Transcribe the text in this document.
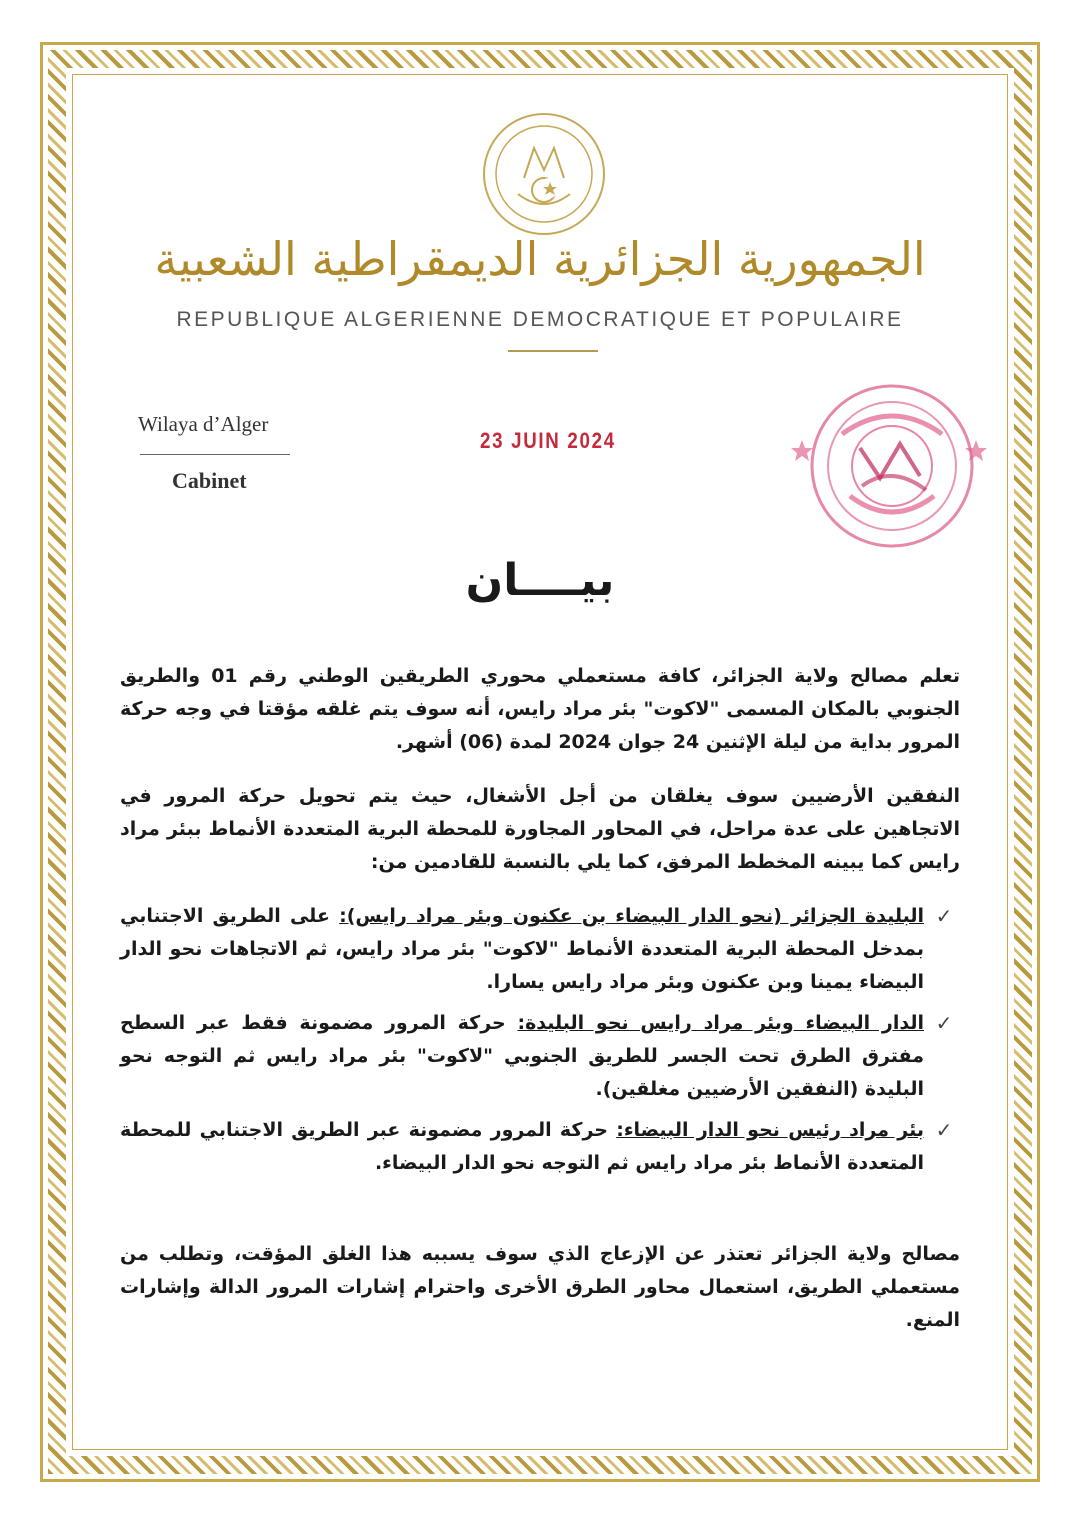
الجمهورية الجزائرية الديمقراطية الشعبية
REPUBLIQUE ALGERIENNE DEMOCRATIQUE ET POPULAIRE
Wilaya d’Alger
Cabinet
23 JUIN 2024
بيــــان
تعلم مصالح ولاية الجزائر، كافة مستعملي محوري الطريقين الوطني رقم 01 والطريق الجنوبي بالمكان المسمى "لاكوت" بئر مراد رايس، أنه سوف يتم غلقه مؤقتا في وجه حركة المرور بداية من ليلة الإثنين 24 جوان 2024 لمدة (06) أشهر.
النفقين الأرضيين سوف يغلقان من أجل الأشغال، حيث يتم تحويل حركة المرور في الاتجاهين على عدة مراحل، في المحاور المجاورة للمحطة البرية المتعددة الأنماط ببئر مراد رايس كما يبينه المخطط المرفق، كما يلي بالنسبة للقادمين من:
✓
البليدة الجزائر (نحو الدار البيضاء بن عكنون وبئر مراد رايس): على الطريق الاجتنابي بمدخل المحطة البرية المتعددة الأنماط "لاكوت" بئر مراد رايس، ثم الاتجاهات نحو الدار البيضاء يمينا وبن عكنون وبئر مراد رايس يسارا.
✓
الدار البيضاء وبئر مراد رايس نحو البليدة: حركة المرور مضمونة فقط عبر السطح مفترق الطرق تحت الجسر للطريق الجنوبي "لاكوت" بئر مراد رايس ثم التوجه نحو البليدة (النفقين الأرضيين مغلقين).
✓
بئر مراد رئيس نحو الدار البيضاء: حركة المرور مضمونة عبر الطريق الاجتنابي للمحطة المتعددة الأنماط بئر مراد رايس ثم التوجه نحو الدار البيضاء.
مصالح ولاية الجزائر تعتذر عن الإزعاج الذي سوف يسببه هذا الغلق المؤقت، وتطلب من مستعملي الطريق، استعمال محاور الطرق الأخرى واحترام إشارات المرور الدالة وإشارات المنع.
